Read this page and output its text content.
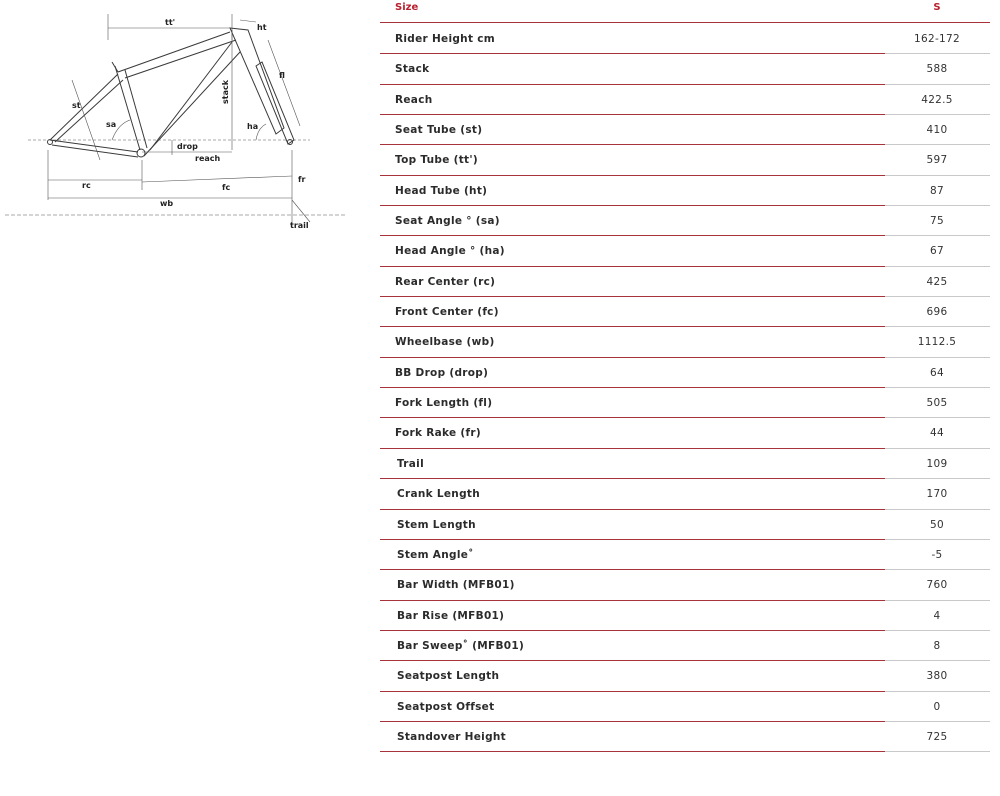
tt'
ht
fl
st
stack
sa	ha
drop
reach
rc	fc
fr
wb
trail
Size	S
Rider Height cm	162-172
Stack	588
Reach	422.5
Seat Tube (st)	410
Top Tube (tt')	597
Head Tube (ht)	87
Seat Angle ° (sa)	75
Head Angle ° (ha)	67
Rear Center (rc)	425
Front Center (fc)	696
Wheelbase (wb)	1112.5
BB Drop (drop)	64
Fork Length (fl)	505
Fork Rake (fr)	44
Trail	109
Crank Length	170
Stem Length	50
Stem Angle˚	-5
Bar Width (MFB01)	760
Bar Rise (MFB01)	4
Bar Sweep˚ (MFB01)	8
Seatpost Length	380
Seatpost Offset	0
Standover Height	725
